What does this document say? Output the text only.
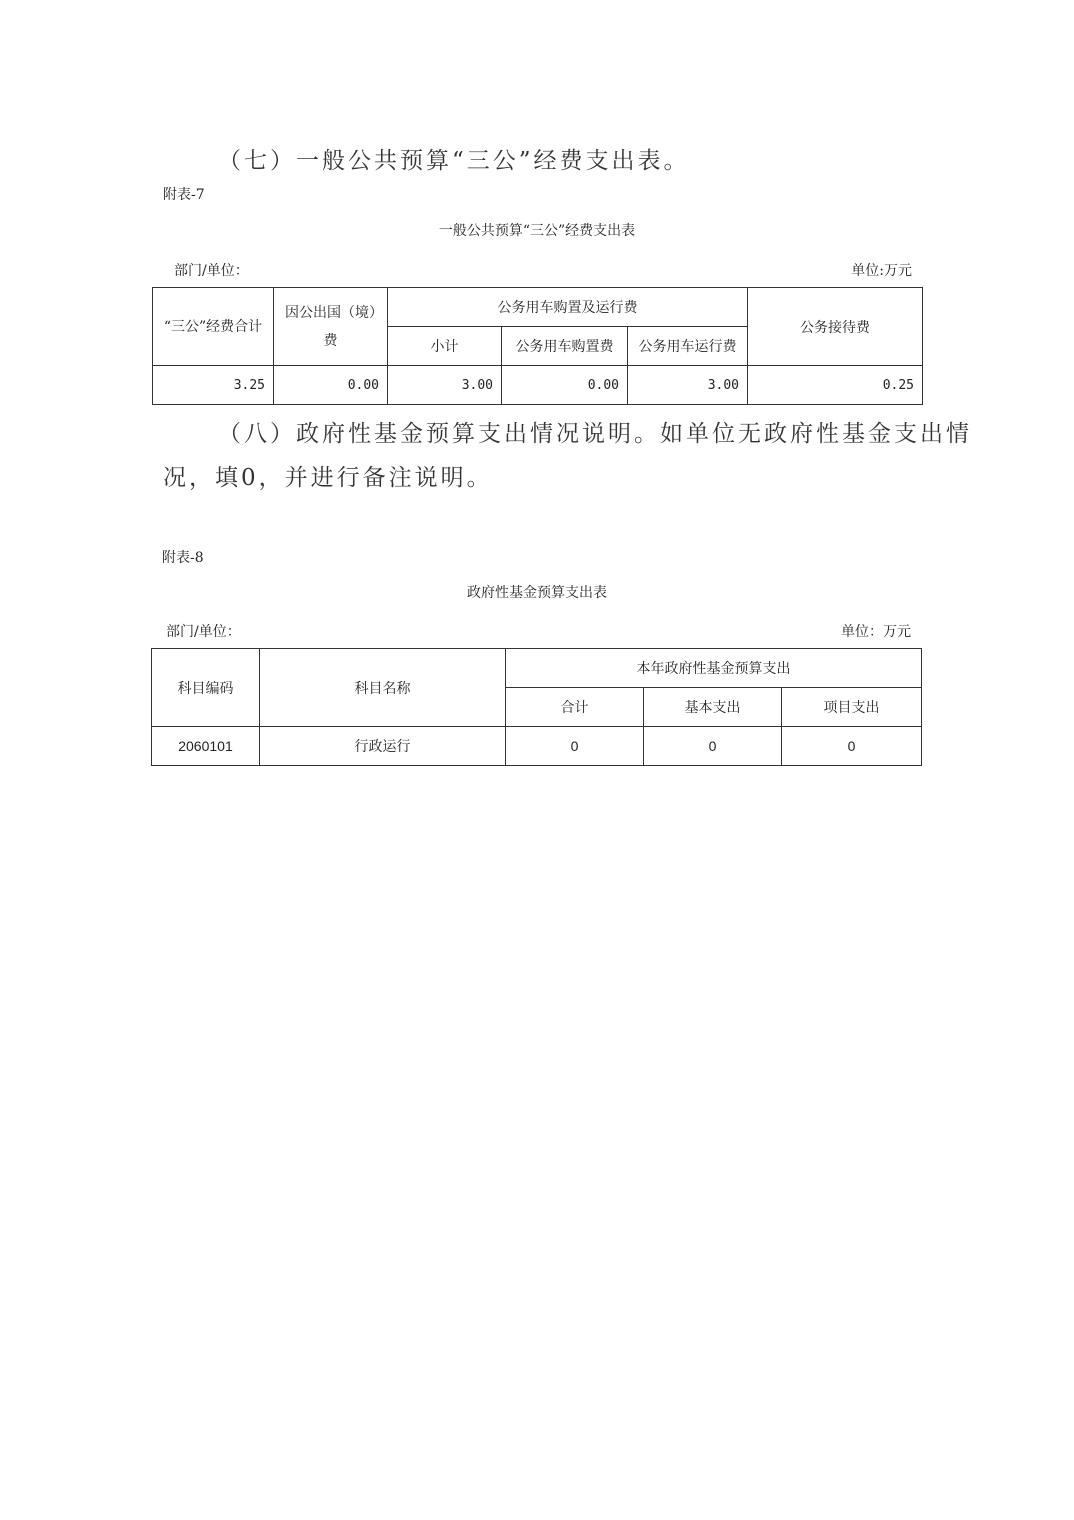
（七）一般公共预算“三公”经费支出表。
附表-7
一般公共预算“三公”经费支出表
部门/单位：	单位:万元
“三公”经费合计	因公出国（境）费	公务用车购置及运行费			公务接待费
		小计	公务用车购置费	公务用车运行费	
3.25	0.00	3.00	0.00	3.00	0.25
（八）政府性基金预算支出情况说明。如单位无政府性基金支出情
况，填0，并进行备注说明。
附表-8
政府性基金预算支出表
部门/单位：	单位：万元
科目编码	科目名称	本年政府性基金预算支出		
		合计	基本支出	项目支出
2060101	行政运行	0	0	0
